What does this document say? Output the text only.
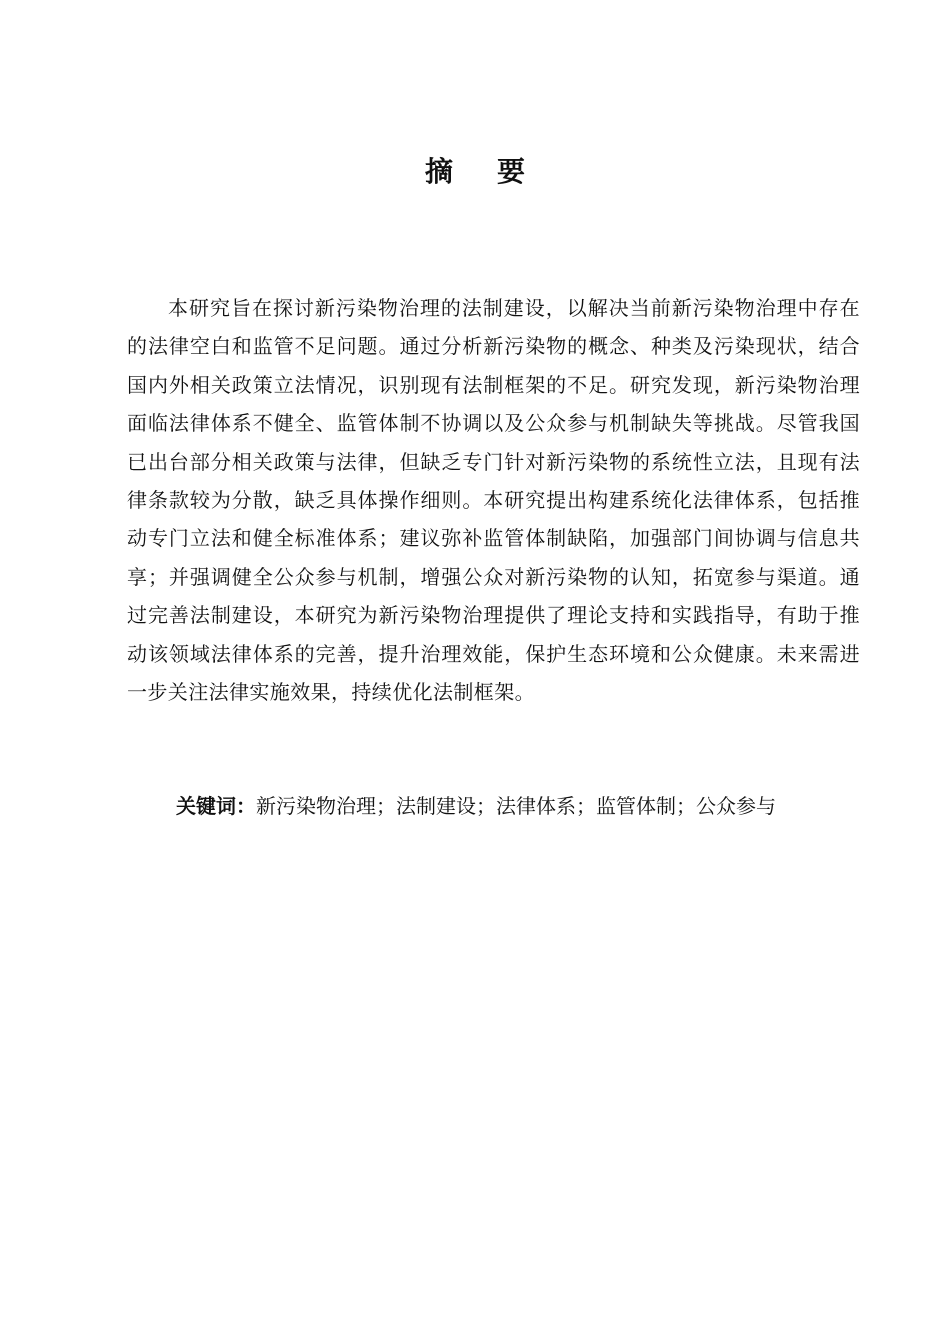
摘要

本研究旨在探讨新污染物治理的法制建设，以解决当前新污染物治理中存在的法律空白和监管不足问题。通过分析新污染物的概念、种类及污染现状，结合国内外相关政策立法情况，识别现有法制框架的不足。研究发现，新污染物治理面临法律体系不健全、监管体制不协调以及公众参与机制缺失等挑战。尽管我国已出台部分相关政策与法律，但缺乏专门针对新污染物的系统性立法，且现有法律条款较为分散，缺乏具体操作细则。本研究提出构建系统化法律体系，包括推动专门立法和健全标准体系；建议弥补监管体制缺陷，加强部门间协调与信息共享；并强调健全公众参与机制，增强公众对新污染物的认知，拓宽参与渠道。通过完善法制建设，本研究为新污染物治理提供了理论支持和实践指导，有助于推动该领域法律体系的完善，提升治理效能，保护生态环境和公众健康。未来需进一步关注法律实施效果，持续优化法制框架。

关键词：新污染物治理；法制建设；法律体系；监管体制；公众参与
